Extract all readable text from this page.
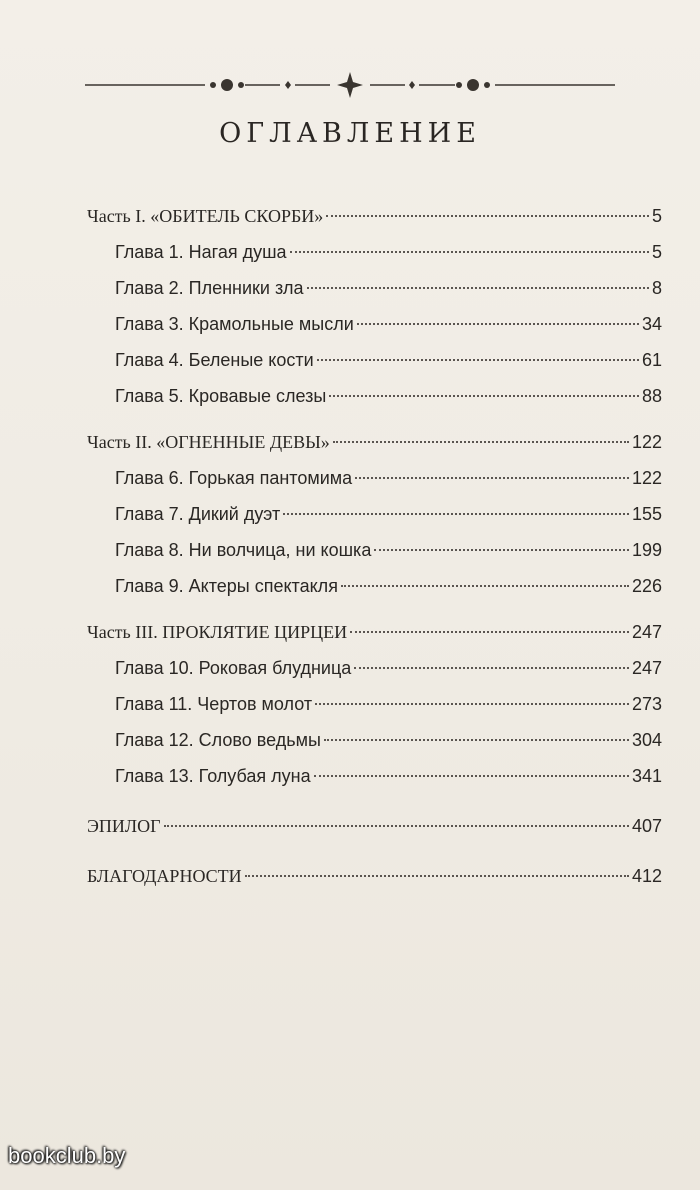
ОГЛАВЛЕНИЕ
Часть I. «ОБИТЕЛЬ СКОРБИ»	5
Глава 1. Нагая душа	5
Глава 2. Пленники зла	8
Глава 3. Крамольные мысли	34
Глава 4. Беленые кости	61
Глава 5. Кровавые слезы	88
Часть II. «ОГНЕННЫЕ ДЕВЫ»	122
Глава 6. Горькая пантомима	122
Глава 7. Дикий дуэт	155
Глава 8. Ни волчица, ни кошка	199
Глава 9. Актеры спектакля	226
Часть III. ПРОКЛЯТИЕ ЦИРЦЕИ	247
Глава 10. Роковая блудница	247
Глава 11. Чертов молот	273
Глава 12. Слово ведьмы	304
Глава 13. Голубая луна	341
ЭПИЛОГ	407
БЛАГОДАРНОСТИ	412
bookclub.by
